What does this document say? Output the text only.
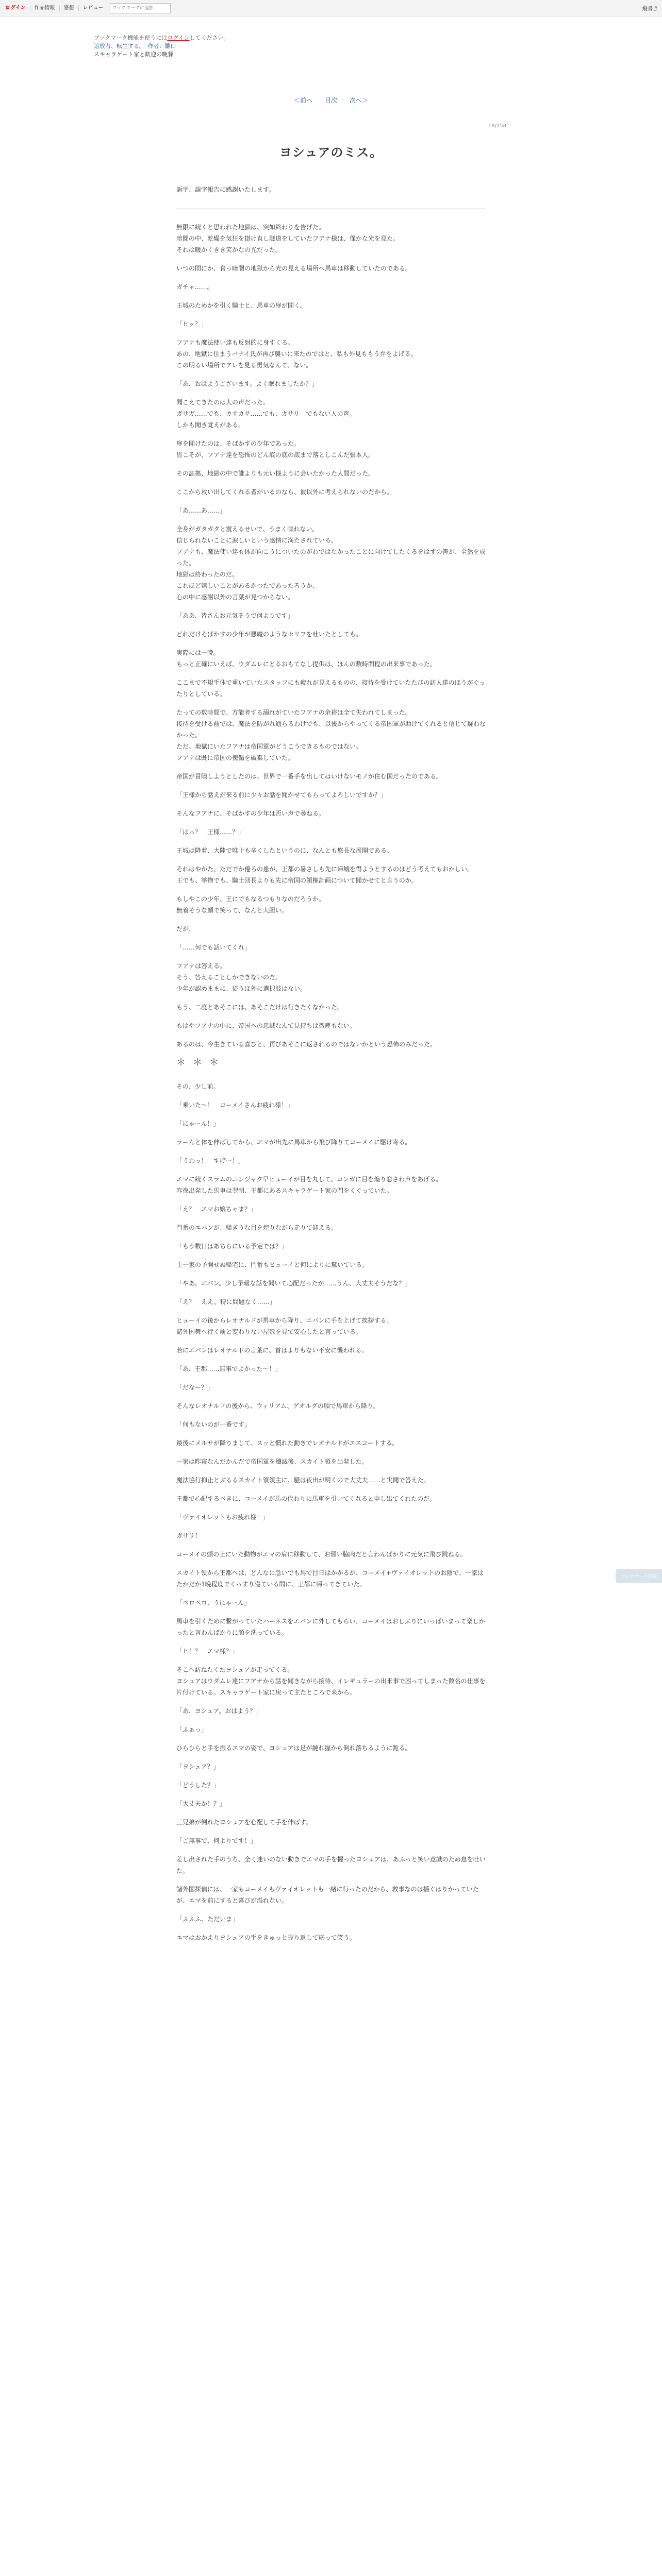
ログイン	作品情報	感想	レビュー
ブックマークに追加	縦書き
ブックマーク機能を使うにはログインしてください。
追放者、転生する。　作者：雛口
スキャラゲート家と歓迎の晩餐
＜前へ 目次 次へ＞
18/158
ヨシュアのミス。
訴字、誤字報告に感謝いたします。
無限に続くと思われた地獄は、突如終わりを告げた。
暗闇の中、乾燥を気狂を掛け直し隧道をしていたフアナ様は、僅かな光を見た。
それは暖かくきき笑かなの光だった。
いつの間にか、食っ暗闇の地獄から光の見える場所へ馬車は移動していたのである。
ガチャ……。
王城のためかを引く騎士と、馬車の扉が開く。
「ヒッ？」
フアナも魔法使い達も反射的に身すくる。
あの、地獄に住まうバナイ氏が再び襲いに来たのではと、私も外見ももう弁をよげる。
この明るい場所でアレを見る勇気なんて、ない。
「あ、おはようございます。よく眠れましたか？」
聞こえてきたのは人の声だった。
ガサガ……でも、カサカサ……でも、カサリ　でもない人の声。
しかも聞き覚えがある。
扉を開けたのは、そばかすの少年であった。
皆こそが、フアナ達を恐怖のどん底の底の底まで落としこんだ張本人。
その証拠、地獄の中で誰よりも元い様ように会いたかった人間だった。
ここから救い出してくれる者がいるのなら、彼以外に考えられないのだから。
「あ……あ……」
全身がガタガタと震えるせいで、うまく喋れない。
信じられないことに涙しいという感情に満たされている。
フアナも、魔法使い達も体が向こうについたのがわではなかったことに向けてしたくるをはずの筈が、全然を成った。
地獄は終わったのだ。
これほど嬉しいことがあるかつたであったろうか。
心の中に感謝以外の言葉が見つからない。
「ああ、皆さんお元気そうで何よりです」
どれだけそばかすの少年が悪魔のようなセリフを吐いたとしても。
実際には一晩。
もっと正確にいえば、ウダムレにとるおもてなし提供は、ほんの数時間程の出来事であった。
ここまで不規手体で重いていたスタッフにも疲れが見えるものの、接待を受けていたたびの訪人達のほうがぐったりとしている。
たっての数時間で、方能者する溺れがていたフアナの余裕は全て失われてしまった。
接待を受ける前では、魔法を防がれ通らるわけでも、以後からやってくる帝国軍が助けてくれると信じて疑わなかった。
ただ、地獄にいたフアナは帝国軍がどうこうできるものではない。
フアナは既に帝国の傀儡を破棄していた。
帝国が冒険しようとしたのは、世界で一番手を出してはいけないモノが住む国だったのである。
「王様から話えが来る前に少々お話を聞かせてもらってよろしいですか？」
そんなフアナに、そばかすの少年は否い声で尋ねる。
「はっ？　王様……？」
王城は降着、大陸で唯十も辛くしたというのに、なんとも悠長な展開である。
それはやかた、ただでか倦ろの患が、王都の暑さしも先に帰城を得ようとするのはどう考えてもおかしい。
王でも、挙物でも、騎士団長よりも先に帝国の領権計画について聞かせてと言うのか。
もしやこの少年、王にでもなるつもりなのだろうか。
無着そうな顔で笑って、なんと大胆い。
だが、
「……何でも話いてくれ」
フアナは答える。
そう、答えることしかできないのだ。
少年が認めままに、従うほ外に選択肢はない。
もう、二度とあそこには、あそこだけは行きたくなかった。
もはやフアナの中に、帝国への忠誠なんて見持ちは微塵もない。
あるのは、今生きている喜びと、再びあそこに返されるのではないかという恐怖のみだった。
＊＊＊
その、少し前。
「乗いた～！　コーメイさんお疲れ様！」
「にゃーん！」
ラーんと体を伸ばしてから、エマが出先に馬車から飛び降りてコーメイに駆け寄る。
「うわっ！　すげー！」
エマに続くスラムのニンジャタ早ヒューイが目を丸して、コンガに目を煌り窓さわ声をあげる。
昨夜出発した馬車は翌朝、王都にあるスキャラゲート家の門をくぐっていた。
「え？　エマお嬢ちゃま？」
門番のエバンが、帰ぎうな目を煌りながら走りて迎える。
「もう数日はあちらにいる予定では？」
主一家の予開せぬ帰宅に、門番もヒューイと何によりに驚いている。
「やあ、エバン。少し予報な話を聞いて心配だったが……うん、大丈夫そうだな？」
「え？　ええ。特に問題なく……」
ヒューイの後からレオナルドが馬車から降り、エバンに手を上げて挨拶する。
諸外国舞へ行く前と変わりない屋敷を見て安心したと言っている。
若にエバンはレオナルドの言葉に、首はよりもない不安に襲われる。
「あ、王都……無事でよかった～！」
「だなー？」
そんなレオナルドの後から、ウィリアム、ゲオルグの順で馬車から降り。
「何もないのが一番です」
最後にメルサが降りまして、スッと慣れた動きでレオナルドがエスコートする。
一家は昨寝なんだかんだで帝国軍を殲滅後、スカイト領を出発した。
魔法協行抑止とぶるるスカイト領領主に、騒は夜出が明くので大丈夫……と実聞で答えた。
王都で心配するべきに、コーメイが馬の代わりに馬車を引いてくれると申し出てくれたのだ。
「ヴァイオレットもお疲れ様！」
ガサリ！
コーメイの頭の上にいた動物がエマの肩に移動して、お習い脇肉だと言わんばかりに元気に飛び跳ねる。
スカイト領から王都へは、どんなに急いでも馬で目日はかかるが、コーメイ+ヴァイオレットのお陰で、一家はたかだか1晩程度でくっすり寝ている間に、王都に帰ってきていた。
「ペロペロ、うにゃーん」
馬車を引くために繋がっていたハーネスをエバンに外してもらい、コーメイはおしぶりにいっぱいまって楽しかったと言わんばかりに顔を洗っている。
「ヒ！？　エマ様？」
そこへ訪ねたくたヨシュアが走ってくる。
ヨシュアはウダムレ達にフアナから話を聞きながら接待、イレギュラーの出来事で困ってしまった数名の仕事を片付けている。スキャラゲート家に戻って主たところで来から。
「あ、ヨシュア。おはよう？」
「ふぁっ」
ひらひらと手を振るエマの姿で、ヨシュアは足が縺れ握から倒れ落ちるように跪る。
「ヨシュア？」
「どうした？」
「大丈夫か！？」
三兄弟が倒れたヨシュアを心配して手を伸ばす。
「ご無事で、何よりです！」
差し出された手のうち、全く迷いのない動きでエマの手を握ったヨシュアは、あふっと笑い意識のため息を吐いた。
諸外国探偵には、一家もコーメイもヴァイオレットも一緒に行ったのだから、救事なのは揺ぐはりかっていたが、エマを前にすると喜びが溢れない。
「ふふふ、ただいま」
エマはおかえりヨシュアの手をきゅっと握り返して応って笑う。
ブックマーク登録
